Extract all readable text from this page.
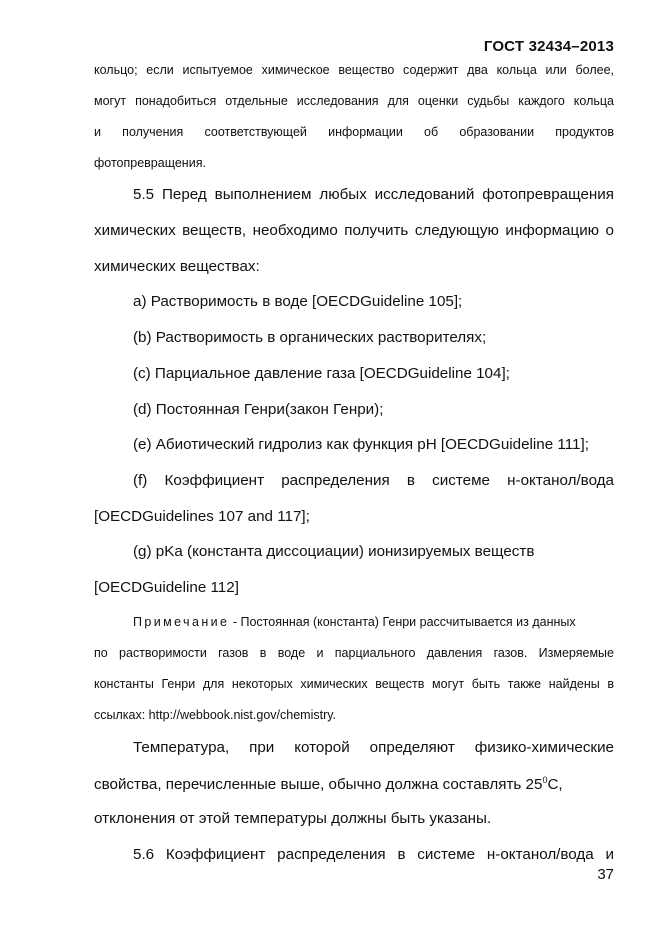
ГОСТ 32434–2013
кольцо; если испытуемое химическое вещество содержит два кольца или более,
могут понадобиться отдельные исследования для оценки судьбы каждого кольца
и получения соответствующей информации об образовании продуктов
фотопревращения.
5.5 Перед выполнением любых исследований фотопревращения
химических веществ, необходимо получить следующую информацию о
химических веществах:
а) Растворимость в воде [OECDGuideline 105];
(b) Растворимость в органических растворителях;
(с) Парциальное давление газа [OECDGuideline 104];
(d) Постоянная Генри(закон Генри);
(е) Абиотический гидролиз как функция рН [OECDGuideline 111];
(f) Коэффициент распределения в системе н-октанол/вода
[OECDGuidelines 107 and 117];
(g) pKa (константа диссоциации) ионизируемых веществ
[OECDGuideline 112]
Примечание - Постоянная (константа) Генри рассчитывается из данных
по растворимости газов в воде и парциального давления газов. Измеряемые
константы Генри для некоторых химических веществ могут быть также найдены в
ссылках: http://webbook.nist.gov/chemistry.
Температура, при которой определяют физико-химические
свойства, перечисленные выше, обычно должна составлять $25^0С$,
отклонения от этой температуры должны быть указаны.
5.6 Коэффициент распределения в системе н-октанол/вода и
37
